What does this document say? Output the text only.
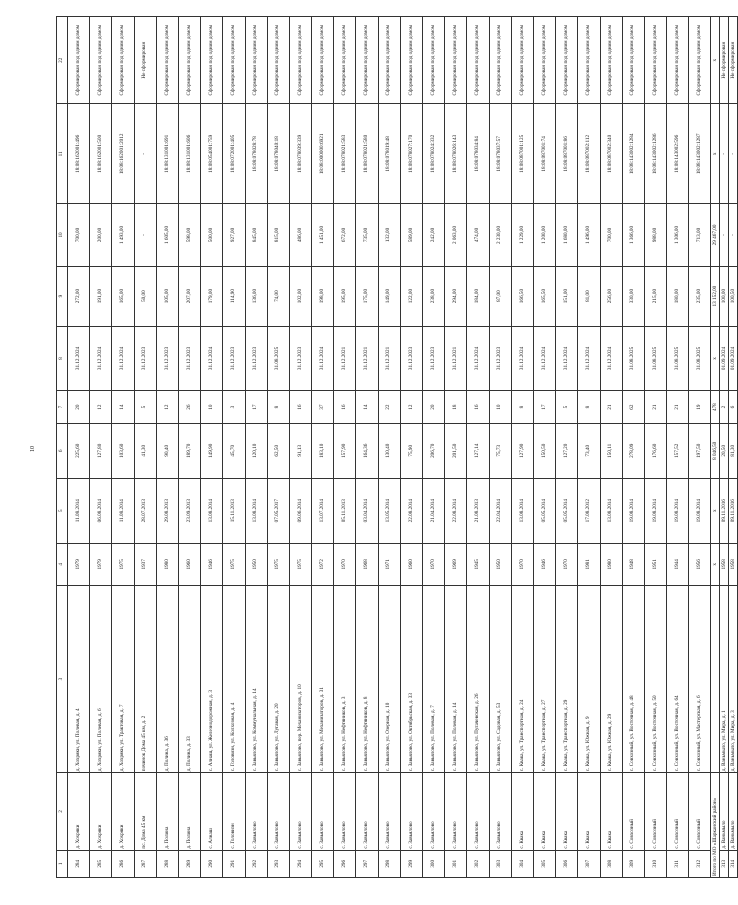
10
1	2	3	4	5	6	7	8	9	10	11	22
284	д. Хохряки	д. Хохряки, ул. Полевая, д. 4	1979	11.08.2014	225,60	20	31.12.2024	272,00	700,00	18:08:162001:496	Сформирован под одним домом
285	д. Хохряки	д. Хохряки, ул. Полевая, д. 6	1979	06.08.2014	127,80	12	31.12.2024	191,00	200,00	18:08:162001:500	Сформирован под одним домом
286	д. Хохряки	д. Хохряки, ул. Трактовая, д. 7	1975	11.08.2014	103,60	14	31.12.2024	165,00	1 493,00	18:08:162001:2012	Сформирован под одним домом
287	пс. Дома 45 км	починок Дома 45 км, д. 2	1937	28.07.2013	41,30	5	31.12.2023	50,00	-	-	Не сформирован
288	д. Полина	д. Полина, д. 36	1980	29.08.2013	90,40	12	31.12.2023	105,00	1 605,00	18:08:131001:691	Сформирован под одним домом
289	д. Полина	д. Полина, д. 33	1960	23.09.2013	189,70	26	31.12.2023	207,00	598,00	18:08:131001:606	Сформирован под одним домом
290	с. Алнаш	с. Алнаш, ул. Железнодорожная, д. 3	1946	13.08.2014	149,90	10	31.12.2024	179,00	500,00	18:08:054001:759	Сформирован под одним домом
291	с. Головизн	с. Головизн, ул. Колхозная, д. 4	1975	15.11.2013	45,70	3	31.12.2023	114,90	927,00	18:08:072001:405	Сформирован под одним домом
292	с. Завьялово	с. Завьялово, ул. Коммунальная, д. 14	1950	13.08.2014	120,10	17	31.12.2023	136,00	845,00	18:08:078028:78	Сформирован под одним домом
293	с. Завьялово	с. Завьялово, ул. Лугавая, д. 20	1975	07.05.2017	62,50	8	31.08.2025	74,00	815,00	18:08:078040:18	Сформирован под одним домом
294	с. Завьялово	с. Завьялово, пер. Механизаторов, д. 10	1975	09.06.2014	91,13	16	31.12.2023	102,00	486,00	18:08:078039:339	Сформирован под одним домом
295	с. Завьялово	с. Завьялово, ул. Механизаторов, д. 31	1972	13.07.2014	183,10	37	31.12.2024	198,00	1 451,00	18:08:000000:6921	Сформирован под одним домом
296	с. Завьялово	с. Завьялово, ул. Нефтяников, д. 3	1970	05.11.2013	157,90	16	31.12.2021	195,00	672,00	18:08:078021:583	Сформирован под одним домом
297	с. Завьялово	с. Завьялово, ул. Нефтяников, д. 8	1968	03.04.2014	164,36	14	31.12.2021	175,00	735,00	18:08:078021:580	Сформирован под одним домом
298	с. Завьялово	с. Завьялово, ул. Озерная, д. 10	1971	13.05.2014	130,40	22	31.12.2021	149,00	132,00	18:08:078019:48	Сформирован под одним домом
299	с. Завьялово	с. Завьялово, ул. Октябрьская, д. 33	1960	22.08.2014	75,90	12	31.12.2023	122,00	589,00	18:08:078027:170	Сформирован под одним домом
300	с. Завьялово	с. Завьялово, ул. Полевая, д. 7	1970	21.04.2014	206,70	20	31.12.2023	238,00	242,00	18:08:078024:332	Сформирован под одним домом
301	с. Завьялово	с. Завьялово, ул. Полевая, д. 14	1969	22.08.2014	201,50	18	31.12.2021	294,00	2 063,00	18:08:078026:143	Сформирован под одним домом
302	с. Завьялово	с. Завьялово, ул. Пугачевская, д. 26	1945	21.08.2013	127,14	16	31.12.2024	184,00	474,00	18:08:078034:84	Сформирован под одним домом
303	с. Завьялово	с. Завьялово, ул. Садовая, д. 53	1950	22.04.2014	75,73	10	31.12.2023	87,00	2 230,00	18:08:078037:57	Сформирован под одним домом
304	с. Квака	с. Квака, ул. Транспортная, д. 24	1970	13.08.2014	127,90	8	31.12.2024	166,50	1 229,00	18:08:087001:125	Сформирован под одним домом
305	с. Квака	с. Квака, ул. Транспортная, д. 27	1946	05.05.2014	150,50	17	31.12.2024	165,50	1 200,00	18:08:087001:74	Сформирован под одним домом
306	с. Квака	с. Квака, ул. Транспортная, д. 29	1970	05.05.2014	127,20	5	31.12.2024	151,00	1 680,00	18:08:087001:86	Сформирован под одним домом
307	с. Квака	с. Квака, ул. Южная, д. 9	1981	17.08.2012	73,40	8	31.12.2024	81,00	1 496,00	18:08:087002:112	Сформирован под одним домом
308	с. Квака	с. Квака, ул. Южная, д. 29	1980	13.08.2014	150,11	21	31.12.2024	256,00	700,00	18:08:087002:340	Сформирован под одним домом
309	с. Совхозный	с. Совхозный, ул. Восточная, д. 48	1948	19.08.2014	278,09	62	31.08.2025	330,00	1 366,00	18:08:143002:1284	Сформирован под одним домом
310	с. Совхозный	с. Совхозный, ул. Восточная, д. 50	1951	19.08.2014	176,60	21	31.08.2025	215,00	988,00	18:08:143002:1286	Сформирован под одним домом
311	с. Совхозный	с. Совхозный, ул. Восточная, д. 64	1944	19.08.2014	157,52	21	31.08.2025	180,00	1 306,00	18:08:143002:596	Сформирован под одним домом
312	с. Совхозный	с. Совхозный, ул. Мастерская, д. 6	1956	19.08.2014	197,50	19	31.08.2025	235,00	713,00	18:08:143002:1287	Сформирован под одним домом
Итого по МО «Шарканский район»			x	x	8 046,50	478	x	13 152,00	29 467,00	x	x
313	д. Ваньмыло	д. Ваньмыло, ул. Мира, д. 1	1958	09.11.2016	20,50	2	01.09.2024	100,00	-	-	Не сформирован
314	д. Ваньмыло	д. Ваньмыло, ул. Мира, д. 3	1958	09.11.2016	81,30	6	01.09.2024	100,50	-	-	Не сформирован
